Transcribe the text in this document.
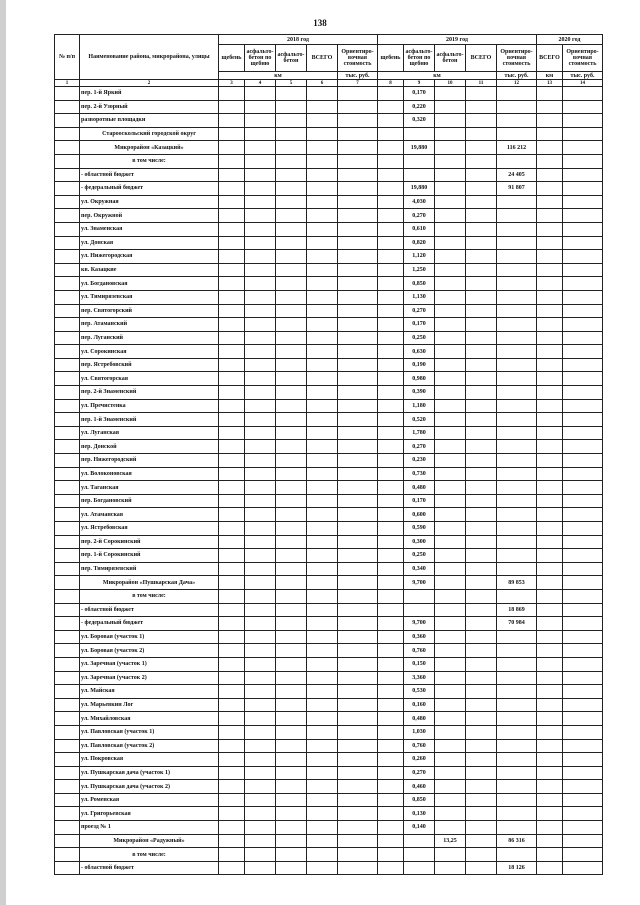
138
№ п/п	Наименование района, микрорайона, улицы	2018 год					2019 год					2020 год	
		щебень	асфальто-бетон по щебню	асфальто-бетон	ВСЕГО	Ориентиро-вочная стоимость	щебень	асфальто-бетон по щебню	асфальто-бетон	ВСЕГО	Ориентиро-вочная стоимость	ВСЕГО	Ориентиро-вочная стоимость
		км				тыс. руб.	км				тыс. руб.	км	тыс. руб.
1	2	3	4	5	6	7	8	9	10	11	12	13	14
	пер. 1-й Яркий							0,170					
	пер. 2-й Узорный							0,220					
	разворотные площадки							0,320					
	Старооскольский городской округ												
	Микрорайон «Казацкий»							19,880			116 212		
	в том числе:												
	- областной бюджет										24 405		
	- федеральный бюджет							19,880			91 807		
	ул. Окружная							4,030					
	пер. Окружной							0,270					
	ул. Знаменская							0,610					
	ул. Донская							0,820					
	ул. Нижегородская							1,120					
	кв. Казацкие							1,250					
	ул. Богдановская							0,850					
	ул. Тимирязевская							1,130					
	пер. Святогорский							0,270					
	пер. Атаманский							0,170					
	пер. Луганский							0,250					
	ул. Сорокинская							0,630					
	пер. Ястребовский							0,190					
	ул. Святогорская							0,980					
	пер. 2-й Знаменский							0,390					
	ул. Пречистенка							1,180					
	пер. 1-й Знаменский							0,520					
	ул. Луганская							1,780					
	пер. Донской							0,270					
	пер. Нижегородский							0,230					
	ул. Волоконовская							0,730					
	ул. Таганская							0,480					
	пер. Богдановский							0,170					
	ул. Атаманская							0,600					
	ул. Ястребовская							0,590					
	пер. 2-й Сорокинский							0,300					
	пер. 1-й Сорокинский							0,250					
	пер. Тимирязевский							0,340					
	Микрорайон «Пушкарская Дача»							9,700			89 853		
	в том числе:												
	- областной бюджет										18 869		
	- федеральный бюджет							9,700			70 984		
	ул. Боровая (участок 1)							0,360					
	ул. Боровая (участок 2)							0,760					
	ул. Заречная (участок 1)							0,150					
	ул. Заречная (участок 2)							3,360					
	ул. Майская							0,530					
	ул. Марьевкин Лог							0,160					
	ул. Михайловская							0,480					
	ул. Павловская (участок 1)							1,030					
	ул. Павловская (участок 2)							0,760					
	ул. Покровская							0,260					
	ул. Пушкарская дача (участок 1)							0,270					
	ул. Пушкарская дача (участок 2)							0,460					
	ул. Роменская							0,850					
	ул. Григорьевская							0,130					
	проезд № 1							0,140					
	Микрорайон «Радужный»								13,25		86 316		
	в том числе:												
	- областной бюджет										18 126		
